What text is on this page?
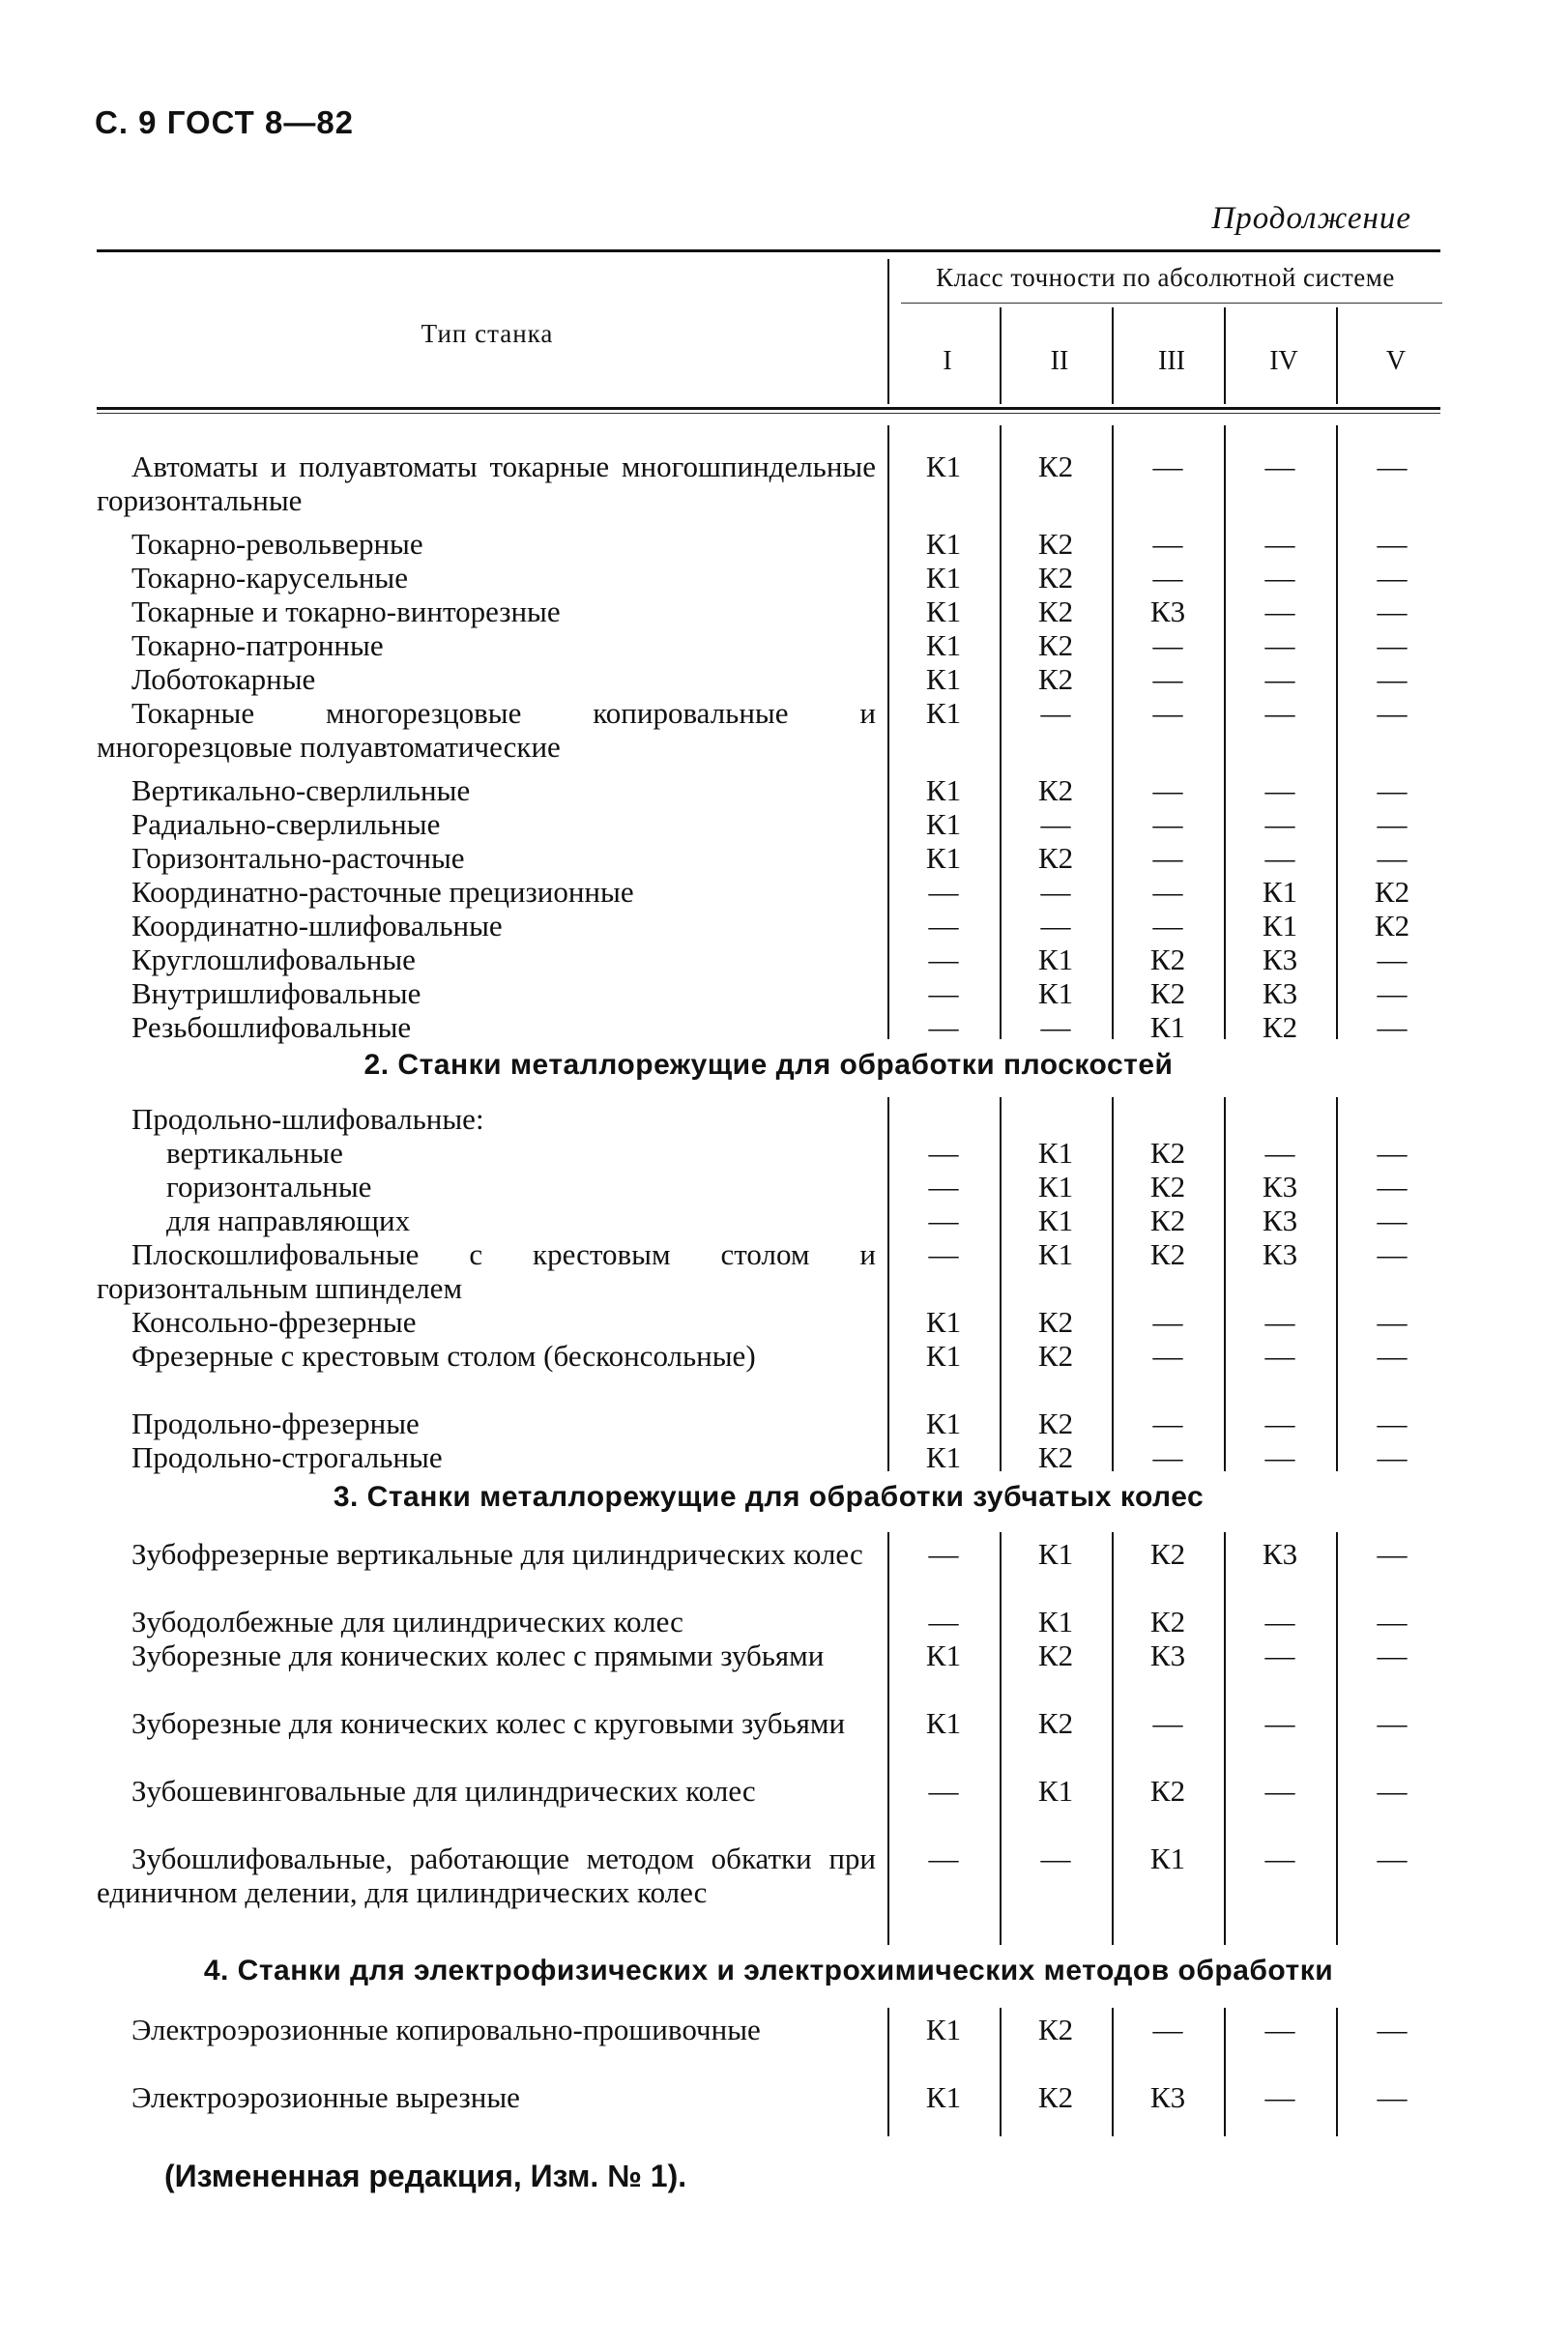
С. 9 ГОСТ 8—82
Продолжение
Тип станка
Класс точности по абсолютной системе
I	II	III	IV	V
Автоматы и полуавтоматы токарные многошпиндельные горизонтальные
К1	К2	—	—	—
Токарно-револьверные	К1	К2	—	—	—
Токарно-карусельные	К1	К2	—	—	—
Токарные и токарно-винторезные	К1	К2	К3	—	—
Токарно-патронные	К1	К2	—	—	—
Лоботокарные	К1	К2	—	—	—
Токарные многорезцовые копировальные и многорезцовые полуавтоматические
К1	—	—	—	—
Вертикально-сверлильные	К1	К2	—	—	—
Радиально-сверлильные	К1	—	—	—	—
Горизонтально-расточные	К1	К2	—	—	—
Координатно-расточные прецизионные	—	—	—	К1	К2
Координатно-шлифовальные	—	—	—	К1	К2
Круглошлифовальные	—	К1	К2	К3	—
Внутришлифовальные	—	К1	К2	К3	—
Резьбошлифовальные	—	—	К1	К2	—
2. Станки металлорежущие для обработки плоскостей
Продольно-шлифовальные:
вертикальные	—	К1	К2	—	—
горизонтальные	—	К1	К2	К3	—
для направляющих	—	К1	К2	К3	—
Плоскошлифовальные с крестовым столом и горизонтальным шпинделем
—	К1	К2	К3	—
Консольно-фрезерные	К1	К2	—	—	—
Фрезерные с крестовым столом (бесконсольные)	К1	К2	—	—	—
Продольно-фрезерные	К1	К2	—	—	—
Продольно-строгальные	К1	К2	—	—	—
3. Станки металлорежущие для обработки зубчатых колес
Зубофрезерные вертикальные для цилиндрических колес	—	К1	К2	К3	—
Зубодолбежные для цилиндрических колес	—	К1	К2	—	—
Зуборезные для конических колес с прямыми зубьями	К1	К2	К3	—	—
Зуборезные для конических колес с круговыми зубьями	К1	К2	—	—	—
Зубошевинговальные для цилиндрических колес	—	К1	К2	—	—
Зубошлифовальные, работающие методом обкатки при единичном делении, для цилиндрических колес
—	—	К1	—	—
4. Станки для электрофизических и электрохимических методов обработки
Электроэрозионные копировально-прошивочные	К1	К2	—	—	—
Электроэрозионные вырезные	К1	К2	К3	—	—
(Измененная редакция, Изм. № 1).
